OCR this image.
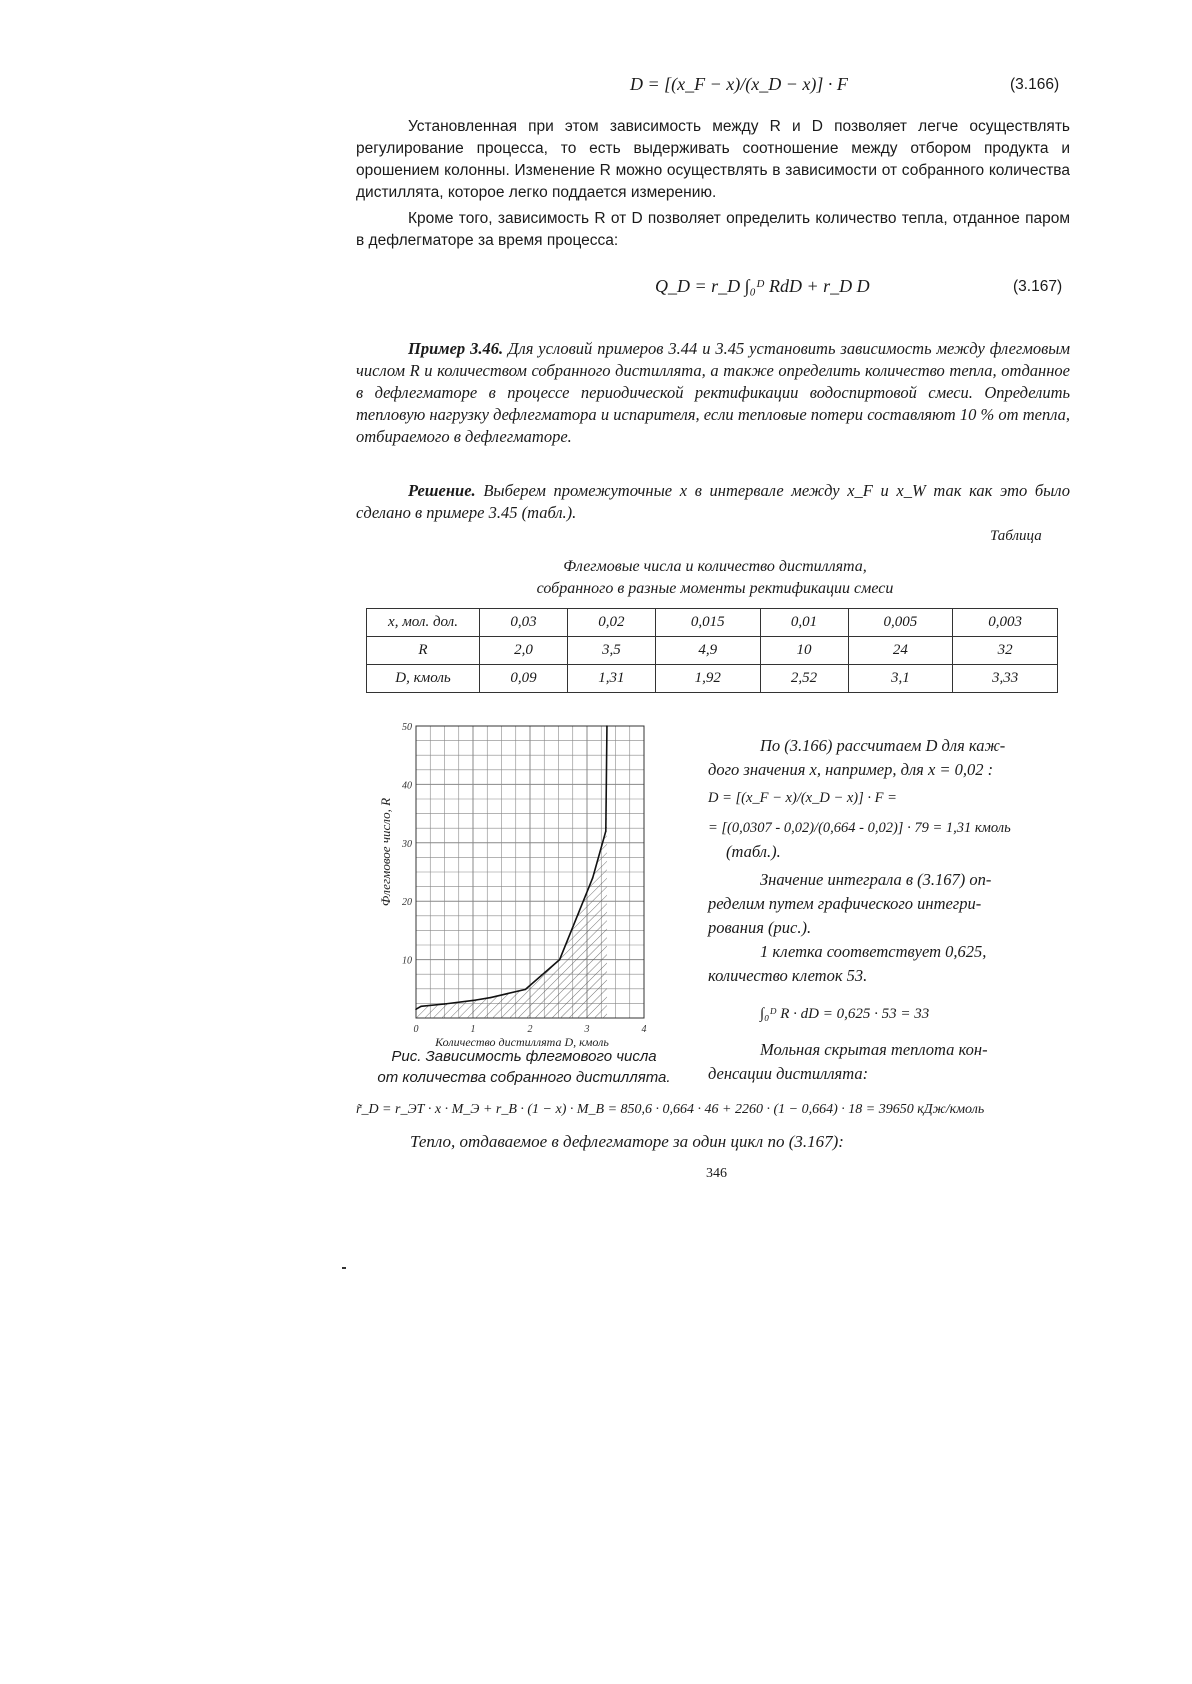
D = [(x_F − x)/(x_D − x)] · F	(3.166)
Установленная при этом зависимость между R и D позволяет легче осуществлять регулирование процесса, то есть выдерживать соотношение между отбором продукта и орошением колонны. Изменение R можно осуществлять в зависимости от собранного количества дистиллята, которое легко поддается измерению.
Кроме того, зависимость R от D позволяет определить количество тепла, отданное паром в дефлегматоре за время процесса:
Q_D = r_D ∫₀ᴰ RdD + r_D D	(3.167)
Пример 3.46. Для условий примеров 3.44 и 3.45 установить зависимость между флегмовым числом R и количеством собранного дистиллята, а также определить количество тепла, отданное в дефлегматоре в процессе периодической ректификации водоспиртовой смеси. Определить тепловую нагрузку дефлегматора и испарителя, если тепловые потери составляют 10 % от тепла, отбираемого в дефлегматоре.
Решение. Выберем промежуточные x в интервале между x_F и x_W так как это было сделано в примере 3.45 (табл.).
Таблица
Флегмовые числа и количество дистиллята,
собранного в разные моменты ректификации смеси
x, мол. дол.	0,03	0,02	0,015	0,01	0,005	0,003
R	2,0	3,5	4,9	10	24	32
D, кмоль	0,09	1,31	1,92	2,52	3,1	3,33
0	1	2	3	4
10
20
30
40
50
Количество дистиллята D, кмоль
Флегмовое число, R
Рис. Зависимость флегмового числа
от количества собранного дистиллята.
По (3.166) рассчитаем D для каж-
дого значения x, например, для x = 0,02 :
D = [(x_F − x)/(x_D − x)] · F =
= [(0,0307 - 0,02)/(0,664 - 0,02)] · 79 = 1,31 кмоль
(табл.).
Значение интеграла в (3.167) оп-
ределим путем графического интегри-
рования (рис.).
1 клетка соответствует 0,625,
количество клеток 53.
∫₀ᴰ R · dD = 0,625 · 53 = 33
Мольная скрытая теплота кон-
денсации дистиллята:
r̃_D = r_ЭТ · x · M_Э + r_В · (1 − x) · M_В = 850,6 · 0,664 · 46 + 2260 · (1 − 0,664) · 18 = 39650 кДж/кмоль
Тепло, отдаваемое в дефлегматоре за один цикл по (3.167):
346
